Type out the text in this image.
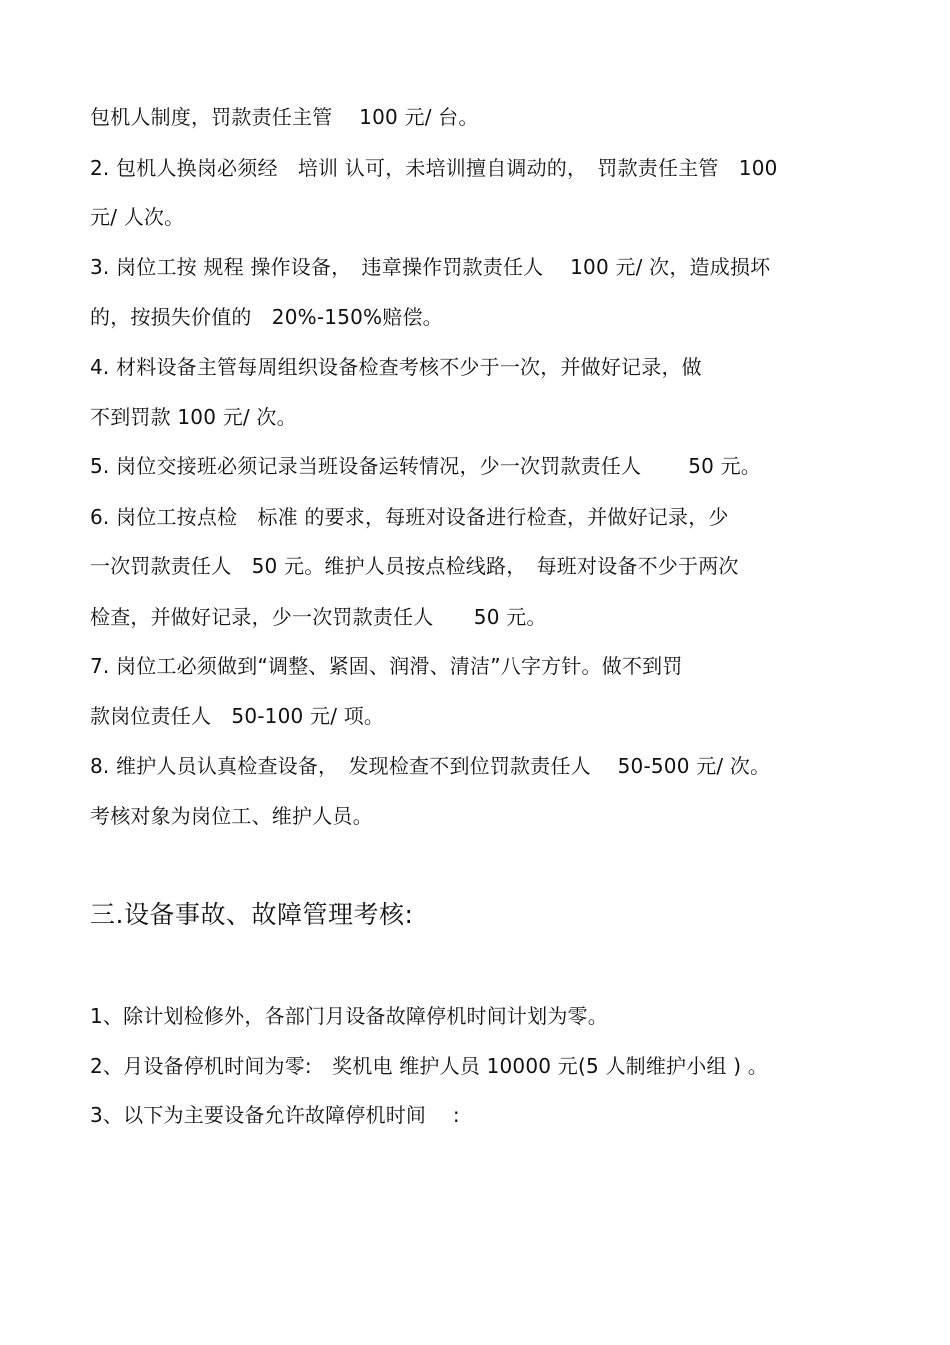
包机人制度，罚款责任主管　 100 元/ 台。
2. 包机人换岗必须经　培训 认可，未培训擅自调动的，　罚款责任主管　100
元/ 人次。
3. 岗位工按 规程 操作设备，　违章操作罚款责任人　 100 元/ 次，造成损坏
的，按损失价值的　20%-150%赔偿。
4. 材料设备主管每周组织设备检查考核不少于一次，并做好记录，做
不到罚款 100 元/ 次。
5. 岗位交接班必须记录当班设备运转情况，少一次罚款责任人　　 50 元。
6. 岗位工按点检　标准 的要求，每班对设备进行检查，并做好记录，少
一次罚款责任人　50 元。维护人员按点检线路，　每班对设备不少于两次
检查，并做好记录，少一次罚款责任人　　50 元。
7. 岗位工必须做到“调整、紧固、润滑、清洁”八字方针。做不到罚
款岗位责任人　50-100 元/ 项。
8. 维护人员认真检查设备，　发现检查不到位罚款责任人　 50-500 元/ 次。
考核对象为岗位工、维护人员。
三.设备事故、故障管理考核:
1、除计划检修外，各部门月设备故障停机时间计划为零。
2、月设备停机时间为零:　奖机电 维护人员 10000 元(5 人制维护小组 ) 。
3、以下为主要设备允许故障停机时间　 :
